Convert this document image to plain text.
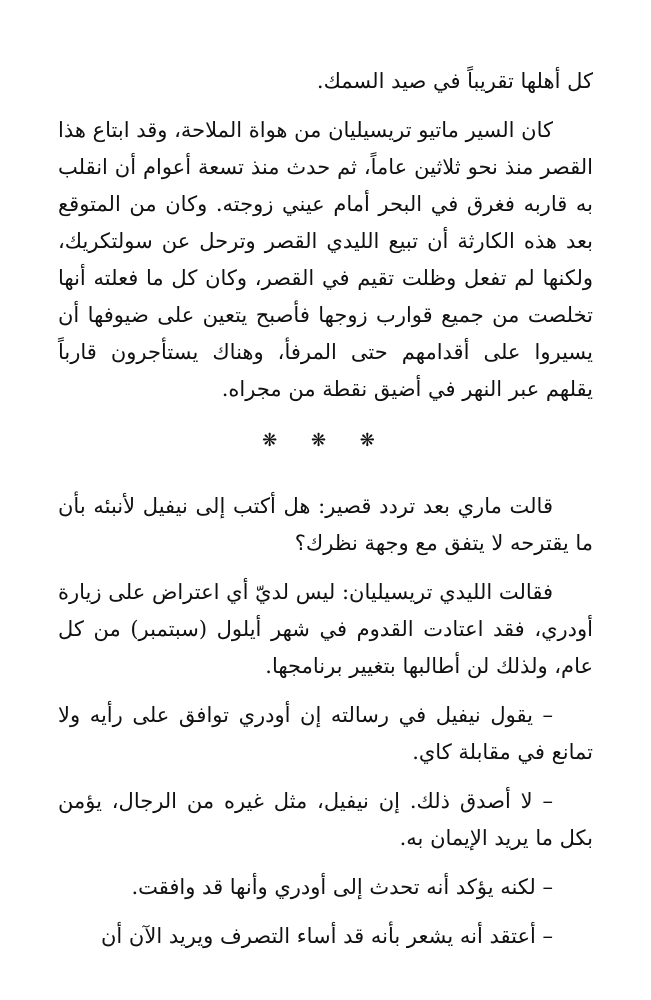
كل أهلها تقريباً في صيد السمك.

كان السير ماتيو تريسيليان من هواة الملاحة، وقد ابتاع هذا القصر منذ نحو ثلاثين عاماً، ثم حدث منذ تسعة أعوام أن انقلب به قاربه فغرق في البحر أمام عيني زوجته. وكان من المتوقع بعد هذه الكارثة أن تبيع الليدي القصر وترحل عن سولتكريك، ولكنها لم تفعل وظلت تقيم في القصر، وكان كل ما فعلته أنها تخلصت من جميع قوارب زوجها فأصبح يتعين على ضيوفها أن يسيروا على أقدامهم حتى المرفأ، وهناك يستأجرون قارباً يقلهم عبر النهر في أضيق نقطة من مجراه.

❋ ❋ ❋

قالت ماري بعد تردد قصير: هل أكتب إلى نيفيل لأنبئه بأن ما يقترحه لا يتفق مع وجهة نظرك؟

فقالت الليدي تريسيليان: ليس لديّ أي اعتراض على زيارة أودري، فقد اعتادت القدوم في شهر أيلول (سبتمبر) من كل عام، ولذلك لن أطالبها بتغيير برنامجها.

– يقول نيفيل في رسالته إن أودري توافق على رأيه ولا تمانع في مقابلة كاي.

– لا أصدق ذلك. إن نيفيل، مثل غيره من الرجال، يؤمن بكل ما يريد الإيمان به.

– لكنه يؤكد أنه تحدث إلى أودري وأنها قد وافقت.

– أعتقد أنه يشعر بأنه قد أساء التصرف ويريد الآن أن
